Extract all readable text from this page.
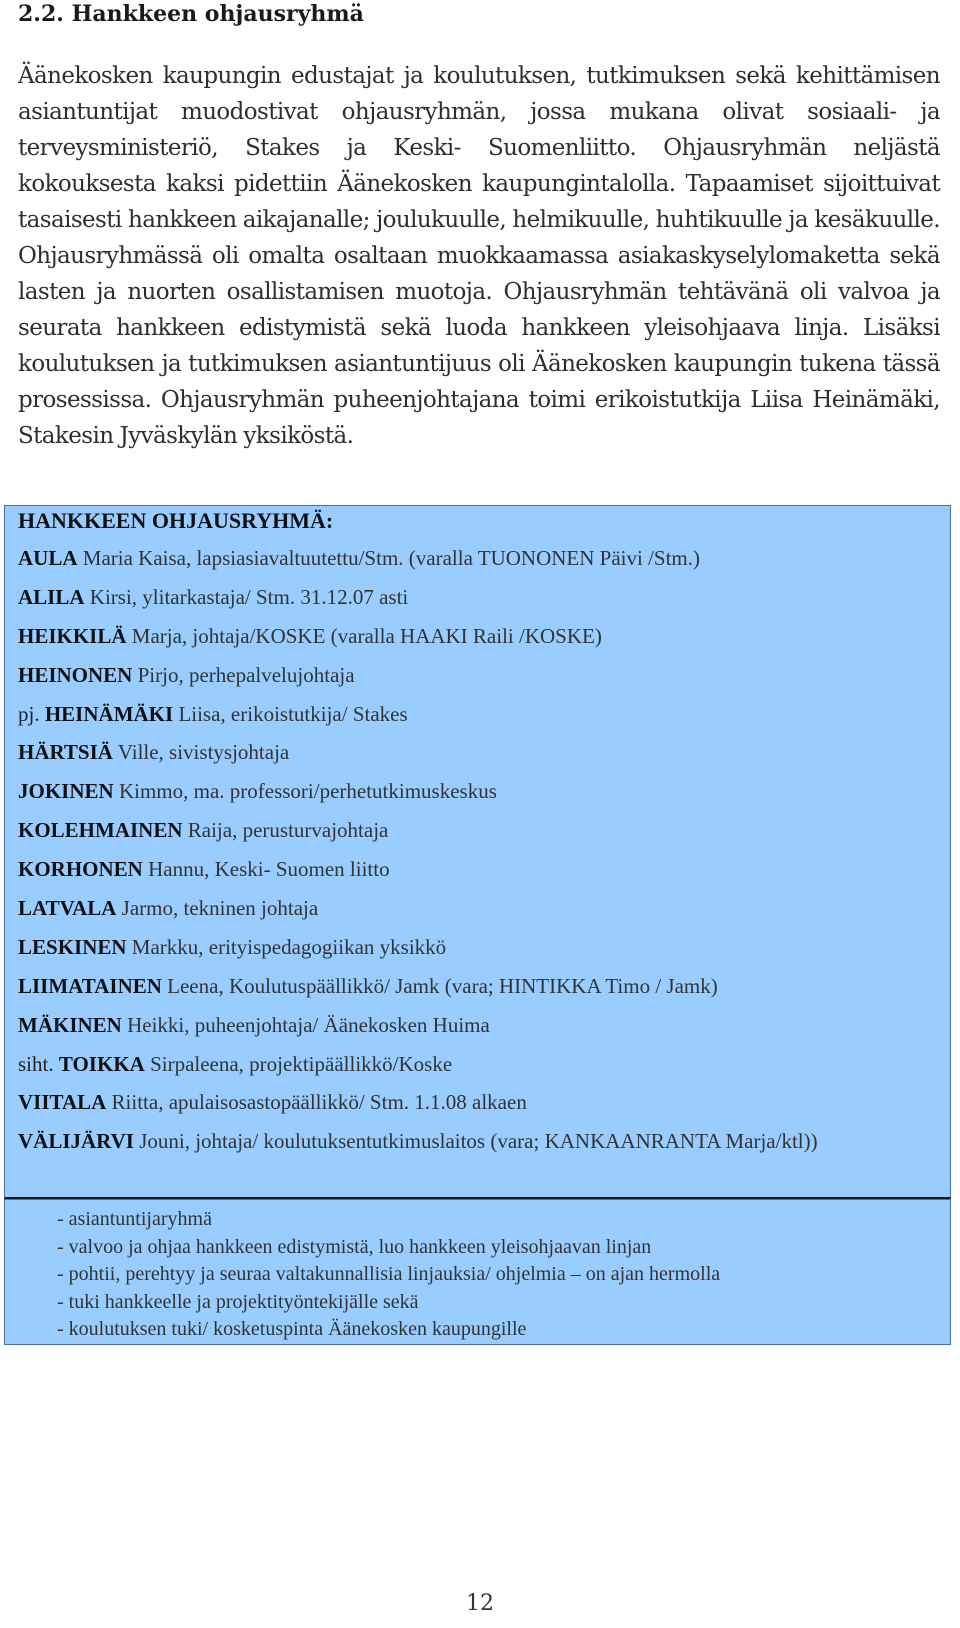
2.2. Hankkeen ohjausryhmä

Äänekosken kaupungin edustajat ja koulutuksen, tutkimuksen sekä kehittämisen asiantuntijat muodostivat ohjausryhmän, jossa mukana olivat sosiaali- ja terveysministeriö, Stakes ja Keski- Suomenliitto. Ohjausryhmän neljästä kokouksesta kaksi pidettiin Äänekosken kaupungintalolla. Tapaamiset sijoittuivat tasaisesti hankkeen aikajanalle; joulukuulle, helmikuulle, huhtikuulle ja kesäkuulle. Ohjausryhmässä oli omalta osaltaan muokkaamassa asiakaskyselylomaketta sekä lasten ja nuorten osallistamisen muotoja. Ohjausryhmän tehtävänä oli valvoa ja seurata hankkeen edistymistä sekä luoda hankkeen yleisohjaava linja. Lisäksi koulutuksen ja tutkimuksen asiantuntijuus oli Äänekosken kaupungin tukena tässä prosessissa. Ohjausryhmän puheenjohtajana toimi erikoistutkija Liisa Heinämäki, Stakesin Jyväskylän yksiköstä.

HANKKEEN OHJAUSRYHMÄ:
AULA Maria Kaisa, lapsiasiavaltuutettu/Stm. (varalla TUONONEN Päivi /Stm.)
ALILA Kirsi, ylitarkastaja/ Stm. 31.12.07 asti
HEIKKILÄ Marja, johtaja/KOSKE (varalla HAAKI Raili /KOSKE)
HEINONEN Pirjo, perhepalvelujohtaja
pj. HEINÄMÄKI Liisa, erikoistutkija/ Stakes
HÄRTSIÄ Ville, sivistysjohtaja
JOKINEN Kimmo, ma. professori/perhetutkimuskeskus
KOLEHMAINEN Raija, perusturvajohtaja
KORHONEN Hannu, Keski- Suomen liitto
LATVALA Jarmo, tekninen johtaja
LESKINEN Markku, erityispedagogiikan yksikkö
LIIMATAINEN Leena, Koulutuspäällikkö/ Jamk (vara; HINTIKKA Timo / Jamk)
MÄKINEN Heikki, puheenjohtaja/ Äänekosken Huima
siht. TOIKKA Sirpaleena, projektipäällikkö/Koske
VIITALA Riitta, apulaisosastopäällikkö/ Stm. 1.1.08 alkaen
VÄLIJÄRVI Jouni, johtaja/ koulutuksentutkimuslaitos (vara; KANKAANRANTA Marja/ktl))
- asiantuntijaryhmä
- valvoo ja ohjaa hankkeen edistymistä, luo hankkeen yleisohjaavan linjan
- pohtii, perehtyy ja seuraa valtakunnallisia linjauksia/ ohjelmia – on ajan hermolla
- tuki hankkeelle ja projektityöntekijälle sekä
- koulutuksen tuki/ kosketuspinta Äänekosken kaupungille
12
